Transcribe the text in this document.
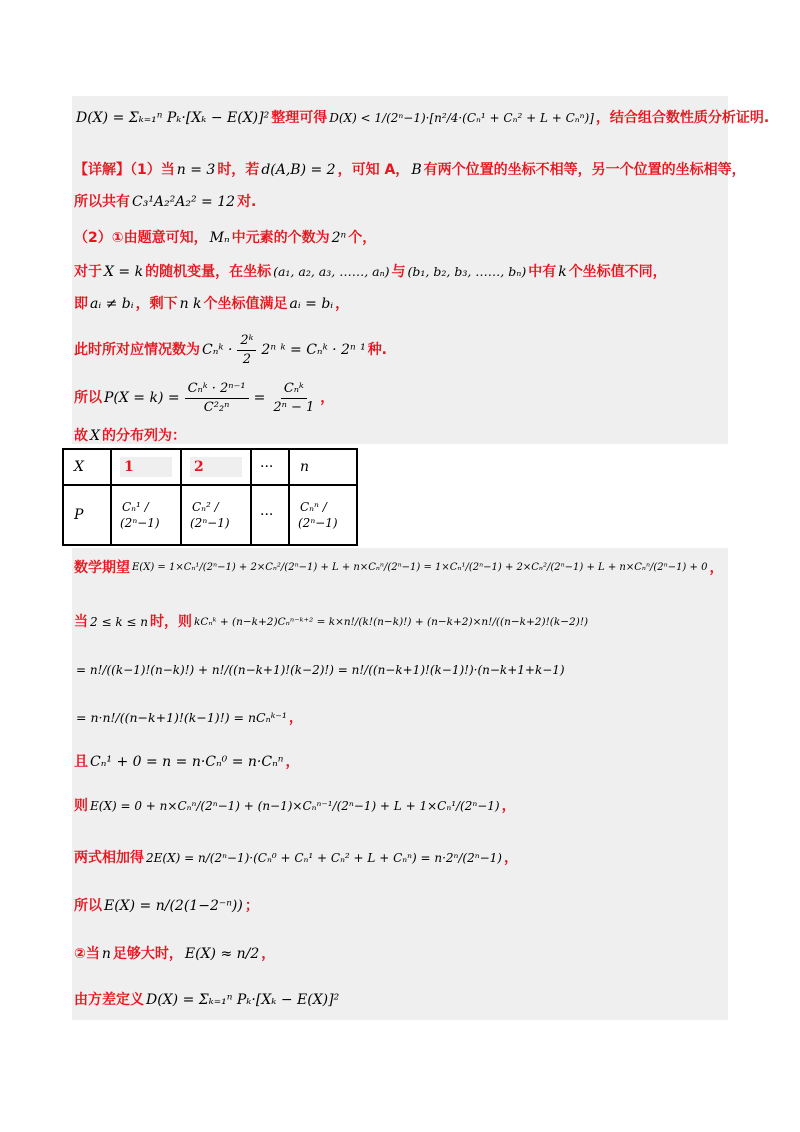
D(X) = Σₖ₌₁ⁿ Pₖ·[Xₖ − E(X)]² 整理可得 D(X) < 1/(2ⁿ−1)·[n²/4·(Cₙ¹ + Cₙ² + L + Cₙⁿ)] ，结合组合数性质分析证明.
【详解】（1）当 n = 3 时，若 d(A,B) = 2 ，可知 A， B 有两个位置的坐标不相等，另一个位置的坐标相等，
所以共有 C₃¹A₂²A₂² = 12 对.
（2）①由题意可知， Mₙ 中元素的个数为 2ⁿ 个，
对于 X = k 的随机变量，在坐标 (a₁, a₂, a₃, ……, aₙ) 与 (b₁, b₂, b₃, ……, bₙ) 中有 k 个坐标值不同，
即 aᵢ ≠ bᵢ ，剩下 n k 个坐标值满足 aᵢ = bᵢ ，
此时所对应情况数为 Cₙᵏ · $\frac{\text{2ᵏ}}{2} 2^n$ ᵏ = Cₙᵏ · 2ⁿ ¹ 种.
所以 $P(X = k) = \frac{\text{Cₙᵏ · 2ⁿ⁻¹}}{\text{C²₂ⁿ}} = \frac{\text{Cₙᵏ}}{\text{2ⁿ − 1}}$ ，
故 X 的分布列为：
X	1	2	···	n
P	Cₙ¹ / (2ⁿ−1)	Cₙ² / (2ⁿ−1)	···	Cₙⁿ / (2ⁿ−1)
数学期望 E(X) = 1×Cₙ¹/(2ⁿ−1) + 2×Cₙ²/(2ⁿ−1) + L + n×Cₙⁿ/(2ⁿ−1) = 1×Cₙ¹/(2ⁿ−1) + 2×Cₙ²/(2ⁿ−1) + L + n×Cₙⁿ/(2ⁿ−1) + 0 ，
当 2 ≤ k ≤ n 时，则 kCₙᵏ + (n−k+2)Cₙⁿ⁻ᵏ⁺² = k×n!/(k!(n−k)!) + (n−k+2)×n!/((n−k+2)!(k−2)!)
= n!/((k−1)!(n−k)!) + n!/((n−k+1)!(k−2)!) = n!/((n−k+1)!(k−1)!)·(n−k+1+k−1)
= n·n!/((n−k+1)!(k−1)!) = nCₙᵏ⁻¹ ，
且 Cₙ¹ + 0 = n = n·Cₙ⁰ = n·Cₙⁿ ，
则 E(X) = 0 + n×Cₙⁿ/(2ⁿ−1) + (n−1)×Cₙⁿ⁻¹/(2ⁿ−1) + L + 1×Cₙ¹/(2ⁿ−1) ，
两式相加得 2E(X) = n/(2ⁿ−1)·(Cₙ⁰ + Cₙ¹ + Cₙ² + L + Cₙⁿ) = n·2ⁿ/(2ⁿ−1) ，
所以 E(X) = n/(2(1−2⁻ⁿ)) ；
②当 n 足够大时， E(X) ≈ n/2 ，
由方差定义 D(X) = Σₖ₌₁ⁿ Pₖ·[Xₖ − E(X)]²
